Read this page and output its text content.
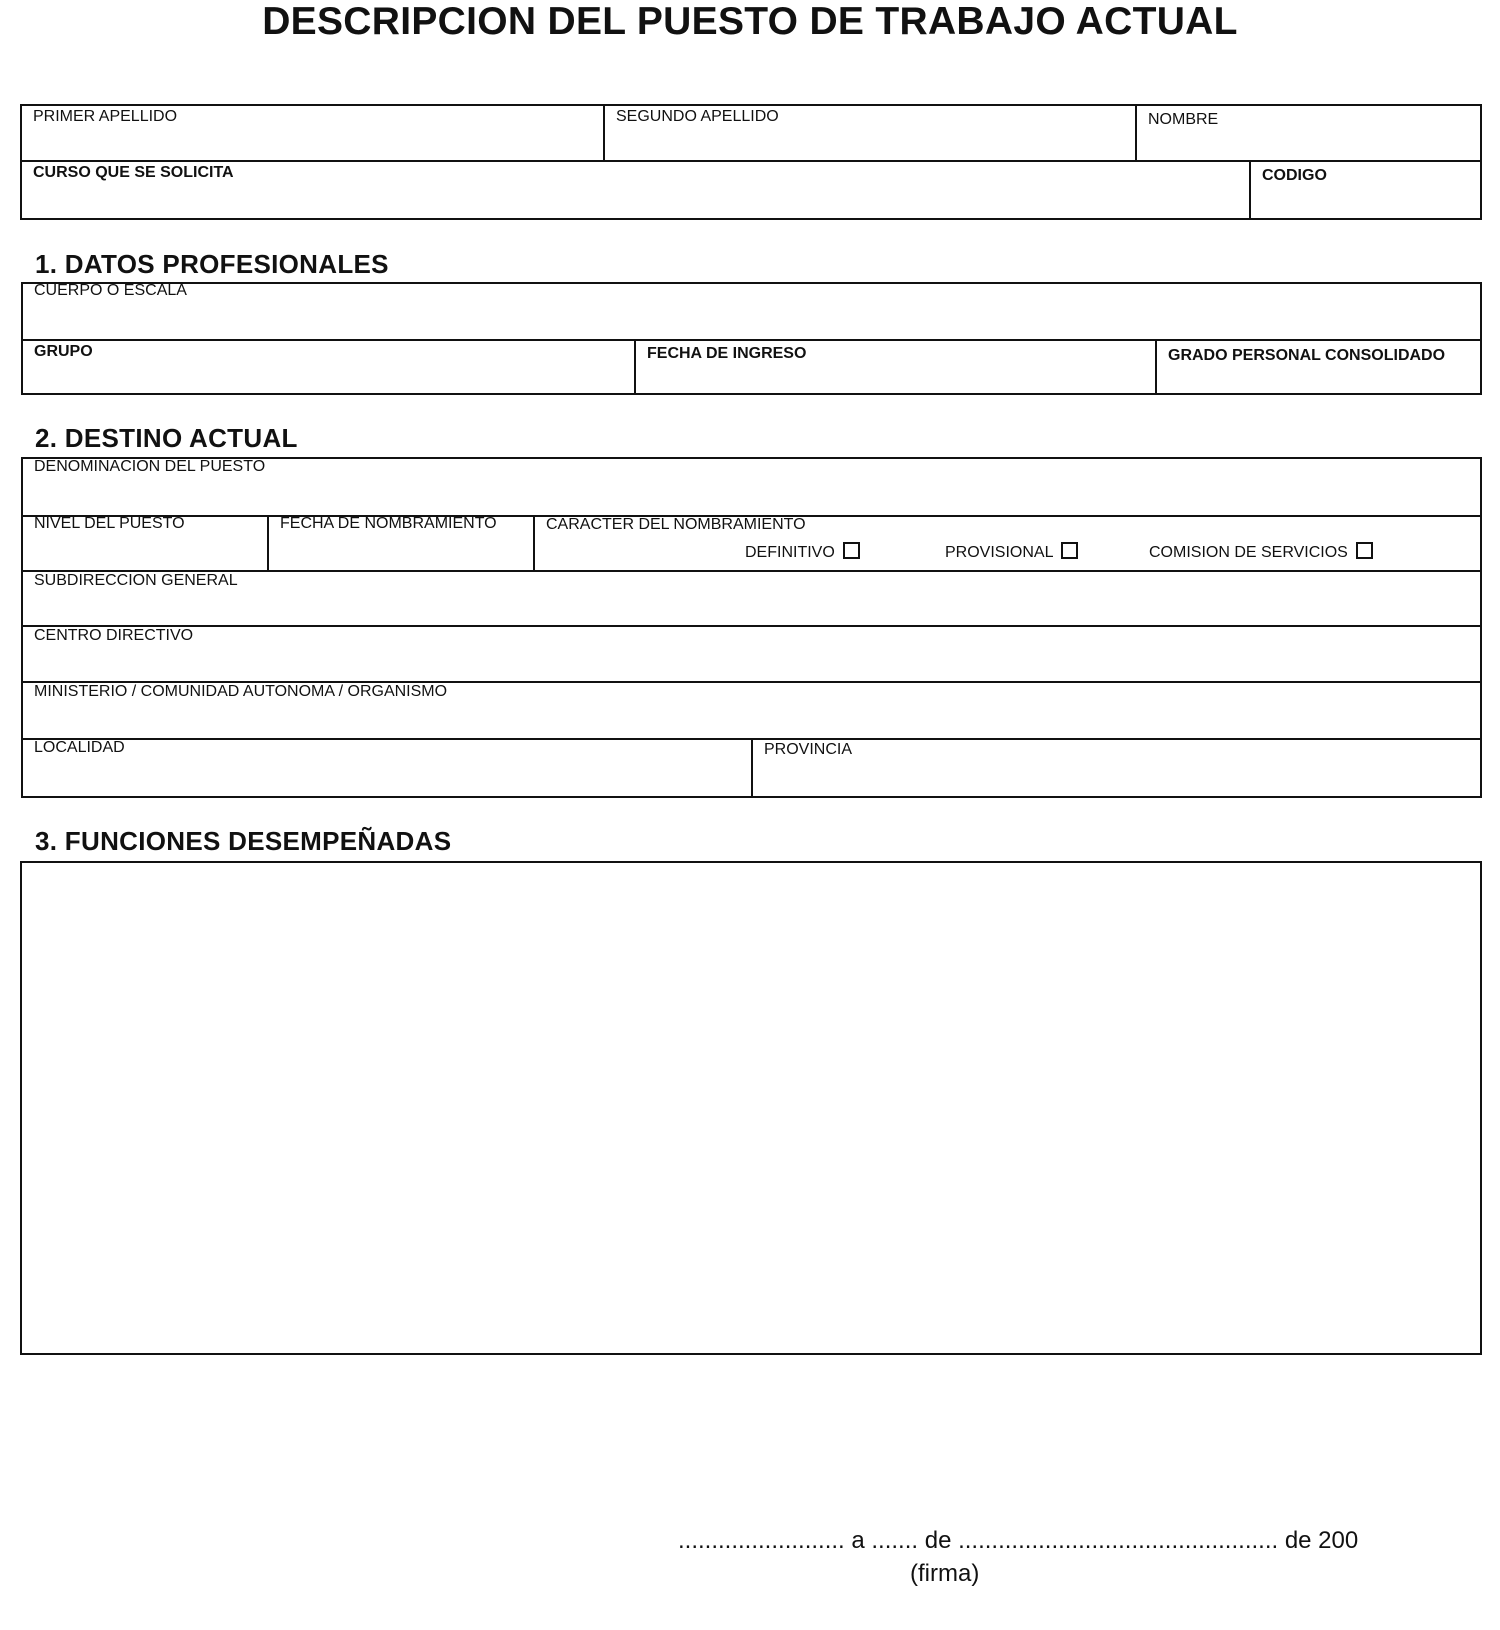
DESCRIPCION DEL PUESTO DE TRABAJO ACTUAL
PRIMER APELLIDO	SEGUNDO APELLIDO	NOMBRE
CURSO QUE SE SOLICITA	CODIGO
1. DATOS PROFESIONALES
CUERPO O ESCALA
GRUPO	FECHA DE INGRESO	GRADO PERSONAL CONSOLIDADO
2. DESTINO ACTUAL
DENOMINACION DEL PUESTO
NIVEL DEL PUESTO	FECHA DE NOMBRAMIENTO	CARACTER DEL NOMBRAMIENTO
DEFINITIVO	PROVISIONAL	COMISION DE SERVICIOS
SUBDIRECCION GENERAL
CENTRO DIRECTIVO
MINISTERIO / COMUNIDAD AUTONOMA / ORGANISMO
LOCALIDAD	PROVINCIA
3. FUNCIONES DESEMPEÑADAS
......................... a ....... de ................................................ de 200
(firma)
